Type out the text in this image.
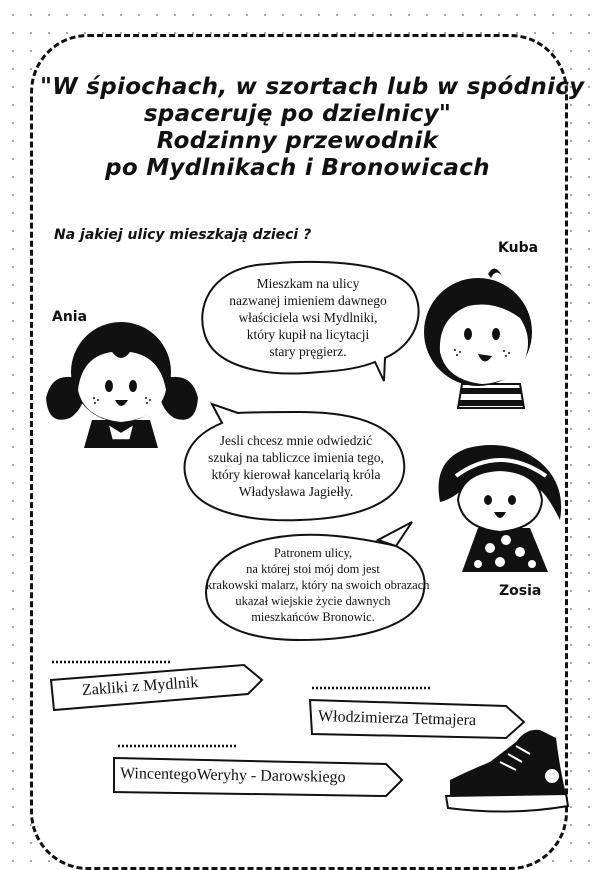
"W śpiochach, w szortach lub w spódnicy
spaceruję po dzielnicy"
Rodzinny przewodnik
po Mydlnikach i Bronowicach
Na jakiej ulicy mieszkają dzieci ?
Kuba
Ania
Zosia
Mieszkam na ulicy
nazwanej imieniem dawnego
właściciela wsi Mydlniki,
który kupił na licytacji
stary pręgierz.
Jesli chcesz mnie odwiedzić
szukaj na tabliczce imienia tego,
który kierował kancelarią króla
Władysława Jagiełły.
Patronem ulicy,
na której stoi mój dom jest
krakowski malarz, który na swoich obrazach
ukazał wiejskie życie dawnych
mieszkańców Bronowic.
Zakliki z Mydlnik
Włodzimierza Tetmajera
WincentegoWeryhy - Darowskiego
